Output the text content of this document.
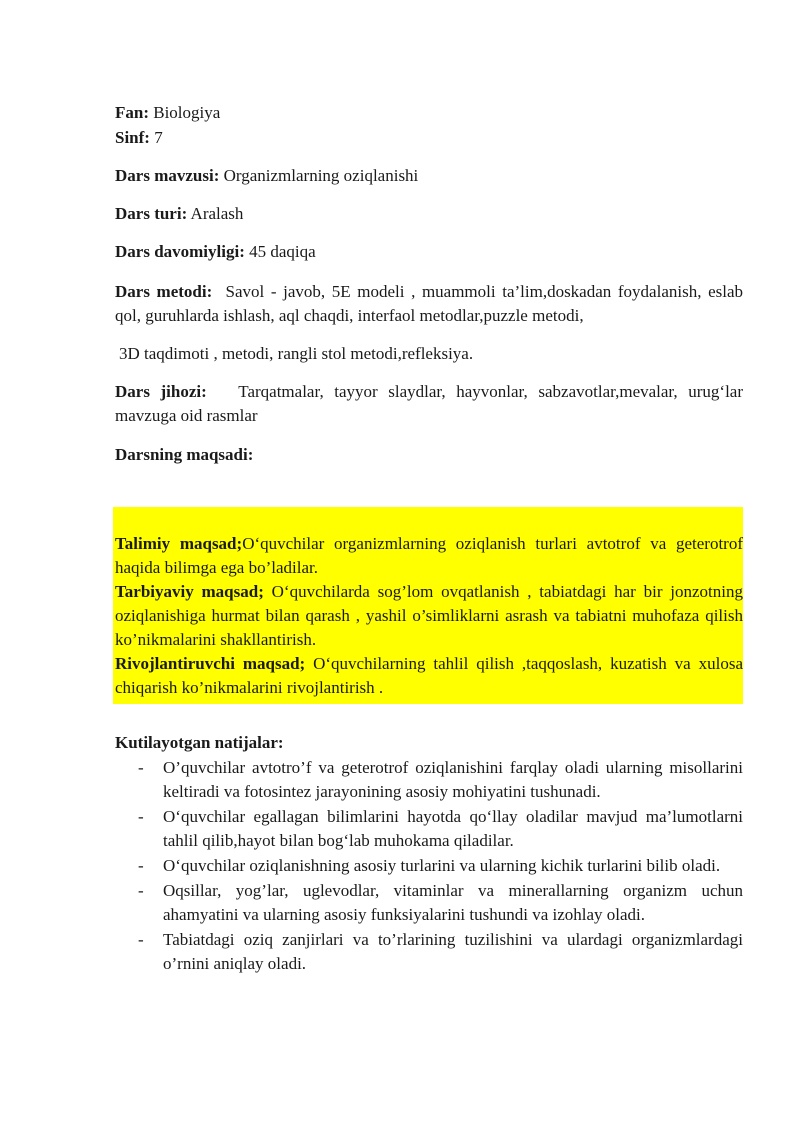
Fan: Biologiya
Sinf: 7
Dars mavzusi: Organizmlarning oziqlanishi
Dars turi: Aralash
Dars davomiyligi: 45 daqiqa
Dars metodi: Savol - javob, 5E modeli , muammoli ta’lim,doskadan foydalanish, eslab qol, guruhlarda ishlash, aql chaqdi, interfaol metodlar,puzzle metodi,
3D taqdimoti , metodi, rangli stol metodi,refleksiya.
Dars jihozi: Tarqatmalar, tayyor slaydlar, hayvonlar, sabzavotlar,mevalar, urug‘lar mavzuga oid rasmlar
Darsning maqsadi:
Talimiy maqsad;O‘quvchilar organizmlarning oziqlanish turlari avtotrof va geterotrof haqida bilimga ega bo’ladilar.
Tarbiyaviy maqsad; O‘quvchilarda sog’lom ovqatlanish , tabiatdagi har bir jonzotning oziqlanishiga hurmat bilan qarash , yashil o’simliklarni asrash va tabiatni muhofaza qilish ko’nikmalarini shakllantirish.
Rivojlantiruvchi maqsad; O‘quvchilarning tahlil qilish ,taqqoslash, kuzatish va xulosa chiqarish ko’nikmalarini rivojlantirish .
Kutilayotgan natijalar:
- O’quvchilar avtotro’f va geterotrof oziqlanishini farqlay oladi ularning misollarini keltiradi va fotosintez jarayonining asosiy mohiyatini tushunadi.
- O‘quvchilar egallagan bilimlarini hayotda qo‘llay oladilar mavjud ma’lumotlarni tahlil qilib,hayot bilan bog‘lab muhokama qiladilar.
- O‘quvchilar oziqlanishning asosiy turlarini va ularning kichik turlarini bilib oladi.
- Oqsillar, yog’lar, uglevodlar, vitaminlar va minerallarning organizm uchun ahamyatini va ularning asosiy funksiyalarini tushundi va izohlay oladi.
- Tabiatdagi oziq zanjirlari va to’rlarining tuzilishini va ulardagi organizmlardagi o’rnini aniqlay oladi.
